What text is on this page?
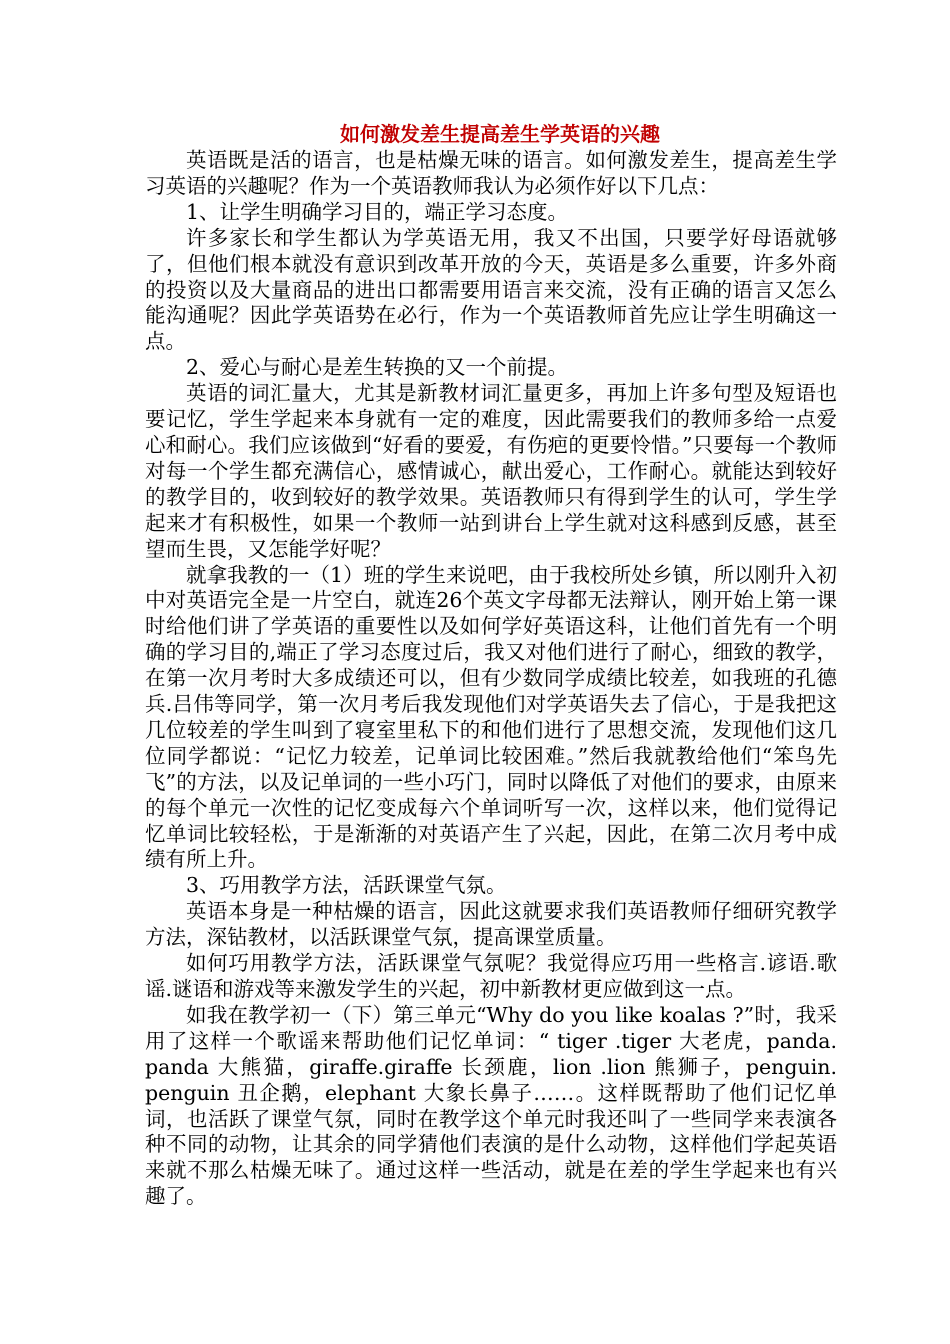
如何激发差生提高差生学英语的兴趣

英语既是活的语言，也是枯燥无味的语言。如何激发差生，提高差生学习英语的兴趣呢？作为一个英语教师我认为必须作好以下几点：

1、让学生明确学习目的，端正学习态度。

许多家长和学生都认为学英语无用，我又不出国，只要学好母语就够了，但他们根本就没有意识到改革开放的今天，英语是多么重要，许多外商的投资以及大量商品的进出口都需要用语言来交流，没有正确的语言又怎么能沟通呢？因此学英语势在必行，作为一个英语教师首先应让学生明确这一点。

2、爱心与耐心是差生转换的又一个前提。

英语的词汇量大，尤其是新教材词汇量更多，再加上许多句型及短语也要记忆，学生学起来本身就有一定的难度，因此需要我们的教师多给一点爱心和耐心。我们应该做到“好看的要爱，有伤疤的更要怜惜。”只要每一个教师对每一个学生都充满信心，感情诚心，献出爱心，工作耐心。就能达到较好的教学目的，收到较好的教学效果。英语教师只有得到学生的认可，学生学起来才有积极性，如果一个教师一站到讲台上学生就对这科感到反感，甚至望而生畏，又怎能学好呢？

就拿我教的一（1）班的学生来说吧，由于我校所处乡镇，所以刚升入初中对英语完全是一片空白，就连26个英文字母都无法辩认，刚开始上第一课时给他们讲了学英语的重要性以及如何学好英语这科，让他们首先有一个明确的学习目的,端正了学习态度过后，我又对他们进行了耐心，细致的教学，在第一次月考时大多成绩还可以，但有少数同学成绩比较差，如我班的孔德兵.吕伟等同学，第一次月考后我发现他们对学英语失去了信心，于是我把这几位较差的学生叫到了寝室里私下的和他们进行了思想交流，发现他们这几位同学都说：“记忆力较差，记单词比较困难。”然后我就教给他们“笨鸟先飞”的方法，以及记单词的一些小巧门，同时以降低了对他们的要求，由原来的每个单元一次性的记忆变成每六个单词听写一次，这样以来，他们觉得记忆单词比较轻松，于是渐渐的对英语产生了兴起，因此，在第二次月考中成绩有所上升。

3、巧用教学方法，活跃课堂气氛。

英语本身是一种枯燥的语言，因此这就要求我们英语教师仔细研究教学方法，深钻教材，以活跃课堂气氛，提高课堂质量。

如何巧用教学方法，活跃课堂气氛呢？我觉得应巧用一些格言.谚语.歌谣.谜语和游戏等来激发学生的兴起，初中新教材更应做到这一点。

如我在教学初一（下）第三单元“Why do you like koalas ?”时，我采用了这样一个歌谣来帮助他们记忆单词：“ tiger .tiger 大老虎，panda. panda 大熊猫，giraffe.giraffe 长颈鹿，lion .lion 熊狮子，penguin. penguin 丑企鹅，elephant 大象长鼻子……。这样既帮助了他们记忆单词，也活跃了课堂气氛，同时在教学这个单元时我还叫了一些同学来表演各种不同的动物，让其余的同学猜他们表演的是什么动物，这样他们学起英语来就不那么枯燥无味了。通过这样一些活动，就是在差的学生学起来也有兴趣了。
